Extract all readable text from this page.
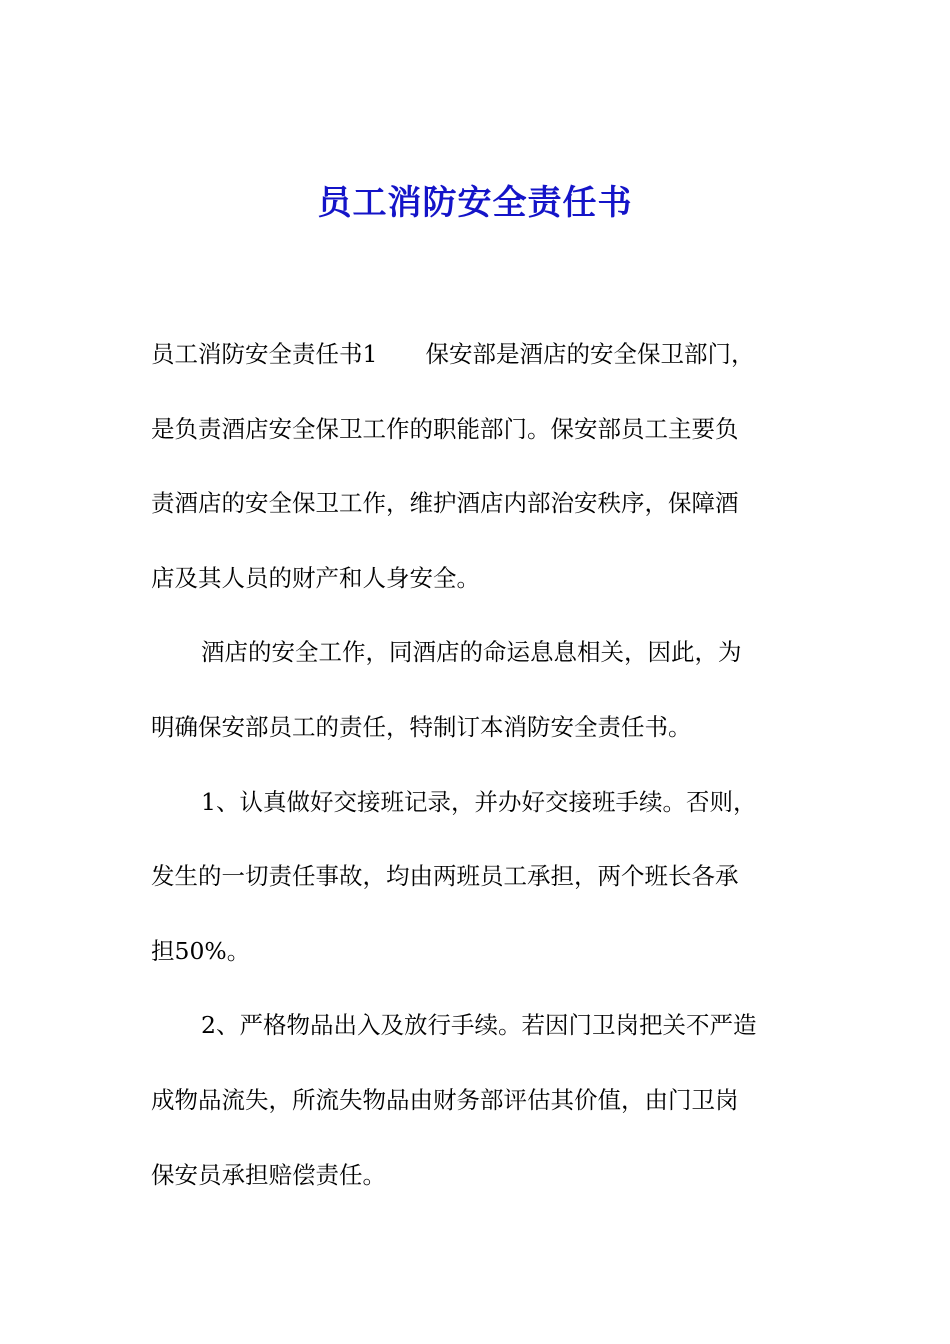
员工消防安全责任书
员工消防安全责任书1 保安部是酒店的安全保卫部门，
是负责酒店安全保卫工作的职能部门。保安部员工主要负
责酒店的安全保卫工作，维护酒店内部治安秩序，保障酒
店及其人员的财产和人身安全。
酒店的安全工作，同酒店的命运息息相关，因此，为
明确保安部员工的责任，特制订本消防安全责任书。
1、认真做好交接班记录，并办好交接班手续。否则，
发生的一切责任事故，均由两班员工承担，两个班长各承
担50%。
2、严格物品出入及放行手续。若因门卫岗把关不严造
成物品流失，所流失物品由财务部评估其价值，由门卫岗
保安员承担赔偿责任。
